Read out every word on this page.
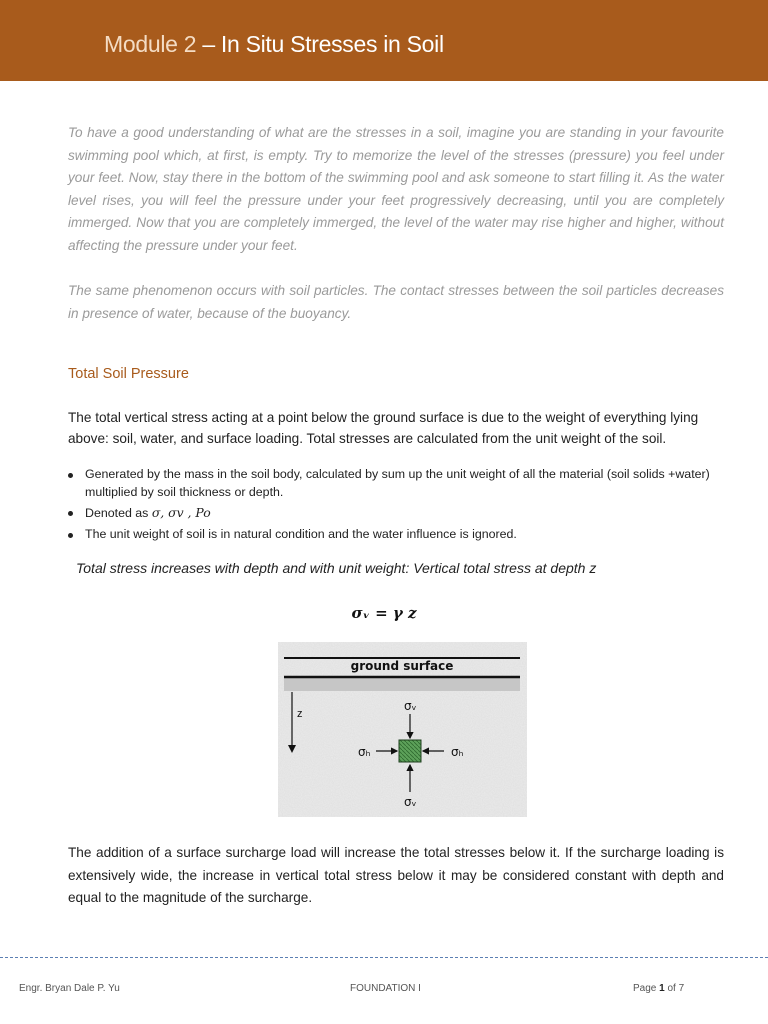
Module 2 – In Situ Stresses in Soil

To have a good understanding of what are the stresses in a soil, imagine you are standing in your favourite swimming pool which, at first, is empty. Try to memorize the level of the stresses (pressure) you feel under your feet. Now, stay there in the bottom of the swimming pool and ask someone to start filling it. As the water level rises, you will feel the pressure under your feet progressively decreasing, until you are completely immerged. Now that you are completely immerged, the level of the water may rise higher and higher, without affecting the pressure under your feet.

The same phenomenon occurs with soil particles. The contact stresses between the soil particles decreases in presence of water, because of the buoyancy.

Total Soil Pressure

The total vertical stress acting at a point below the ground surface is due to the weight of everything lying above: soil, water, and surface loading. Total stresses are calculated from the unit weight of the soil.

Generated by the mass in the soil body, calculated by sum up the unit weight of all the material (soil solids +water) multiplied by soil thickness or depth.
Denoted as σ, σv , Po
The unit weight of soil is in natural condition and the water influence is ignored.

Total stress increases with depth and with unit weight: Vertical total stress at depth z

σᵥ = γ z

ground surface
z
σᵥ
σₕ	σₕ
σᵥ

The addition of a surface surcharge load will increase the total stresses below it. If the surcharge loading is extensively wide, the increase in vertical total stress below it may be considered constant with depth and equal to the magnitude of the surcharge.

Engr. Bryan Dale P. Yu	FOUNDATION I	Page 1 of 7
